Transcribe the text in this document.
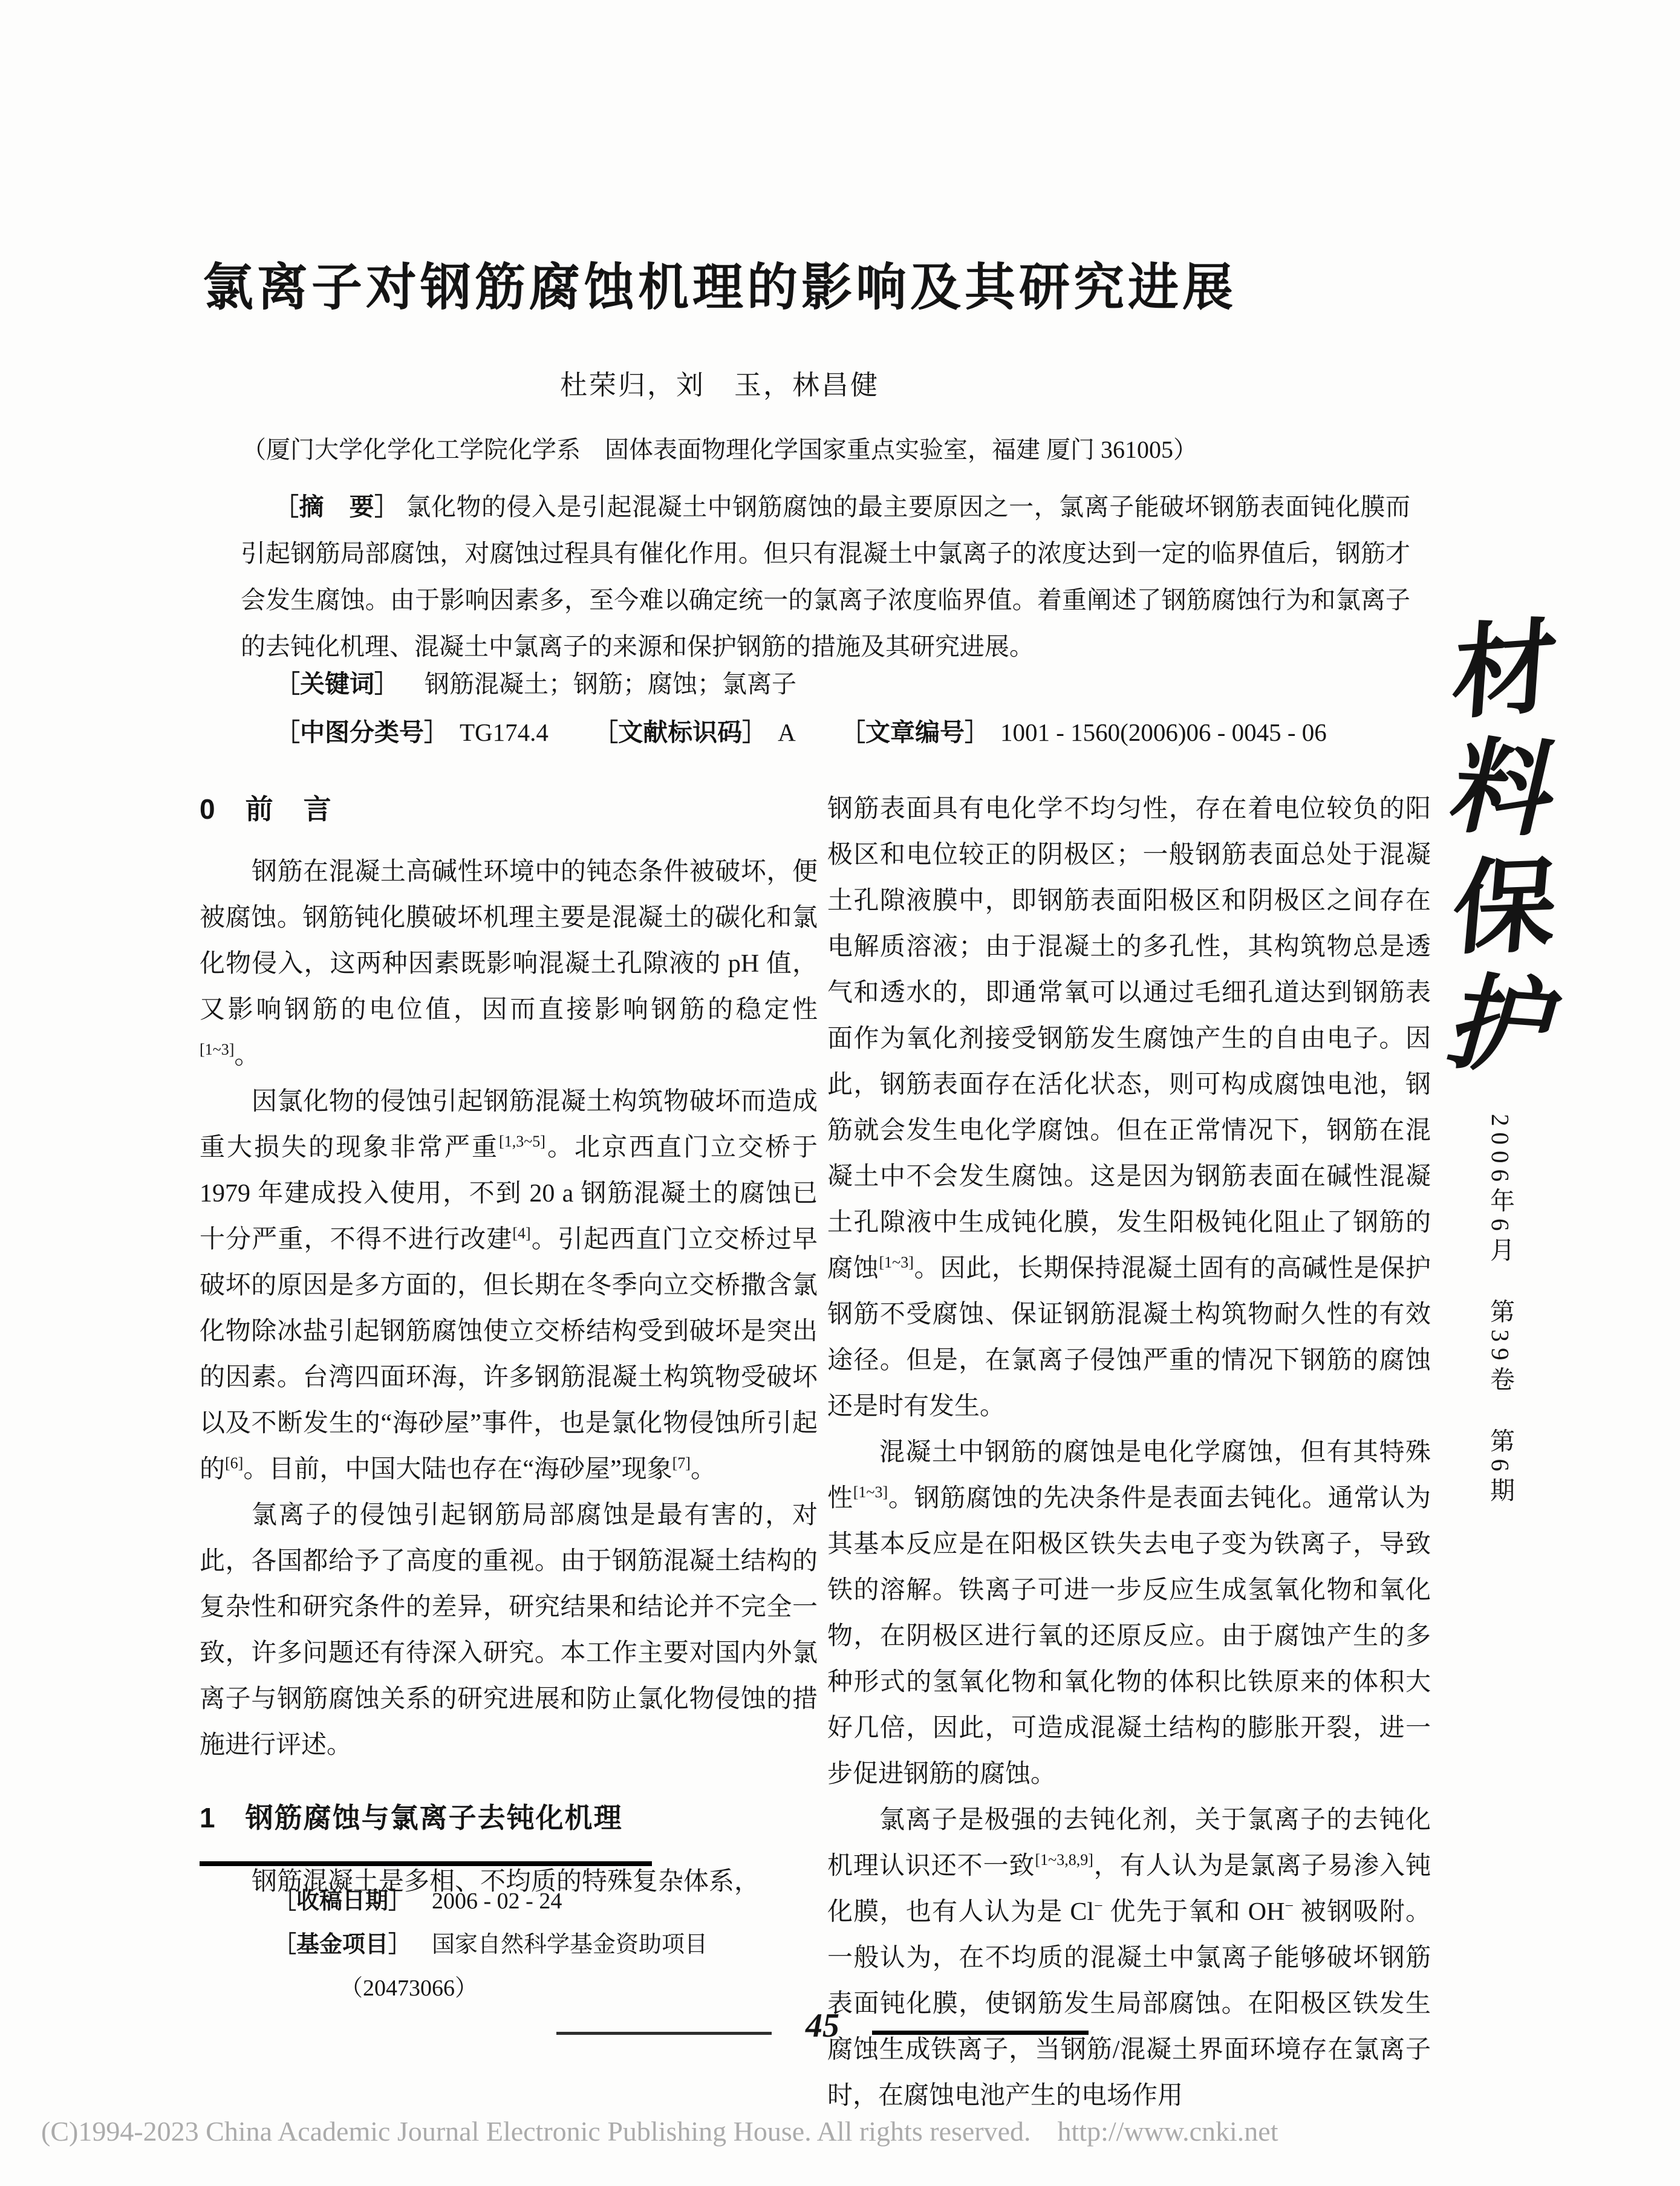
氯离子对钢筋腐蚀机理的影响及其研究进展
杜荣归，刘　玉，林昌健
（厦门大学化学化工学院化学系　固体表面物理化学国家重点实验室，福建 厦门 361005）
［摘　要］ 氯化物的侵入是引起混凝土中钢筋腐蚀的最主要原因之一，氯离子能破坏钢筋表面钝化膜而引起钢筋局部腐蚀，对腐蚀过程具有催化作用。但只有混凝土中氯离子的浓度达到一定的临界值后，钢筋才会发生腐蚀。由于影响因素多，至今难以确定统一的氯离子浓度临界值。着重阐述了钢筋腐蚀行为和氯离子的去钝化机理、混凝土中氯离子的来源和保护钢筋的措施及其研究进展。
［关键词］ 钢筋混凝土；钢筋；腐蚀；氯离子
［中图分类号］ TG174.4 ［文献标识码］ A ［文章编号］ 1001 - 1560(2006)06 - 0045 - 06
0　前　言

钢筋在混凝土高碱性环境中的钝态条件被破坏，便被腐蚀。钢筋钝化膜破坏机理主要是混凝土的碳化和氯化物侵入，这两种因素既影响混凝土孔隙液的 pH 值，又影响钢筋的电位值，因而直接影响钢筋的稳定性[1~3]。

因氯化物的侵蚀引起钢筋混凝土构筑物破坏而造成重大损失的现象非常严重[1,3~5]。北京西直门立交桥于 1979 年建成投入使用，不到 20 a 钢筋混凝土的腐蚀已十分严重，不得不进行改建[4]。引起西直门立交桥过早破坏的原因是多方面的，但长期在冬季向立交桥撒含氯化物除冰盐引起钢筋腐蚀使立交桥结构受到破坏是突出的因素。台湾四面环海，许多钢筋混凝土构筑物受破坏以及不断发生的“海砂屋”事件，也是氯化物侵蚀所引起的[6]。目前，中国大陆也存在“海砂屋”现象[7]。

氯离子的侵蚀引起钢筋局部腐蚀是最有害的，对此，各国都给予了高度的重视。由于钢筋混凝土结构的复杂性和研究条件的差异，研究结果和结论并不完全一致，许多问题还有待深入研究。本工作主要对国内外氯离子与钢筋腐蚀关系的研究进展和防止氯化物侵蚀的措施进行评述。

1　钢筋腐蚀与氯离子去钝化机理

钢筋混凝土是多相、不均质的特殊复杂体系，

钢筋表面具有电化学不均匀性，存在着电位较负的阳极区和电位较正的阴极区；一般钢筋表面总处于混凝土孔隙液膜中，即钢筋表面阳极区和阴极区之间存在电解质溶液；由于混凝土的多孔性，其构筑物总是透气和透水的，即通常氧可以通过毛细孔道达到钢筋表面作为氧化剂接受钢筋发生腐蚀产生的自由电子。因此，钢筋表面存在活化状态，则可构成腐蚀电池，钢筋就会发生电化学腐蚀。但在正常情况下，钢筋在混凝土中不会发生腐蚀。这是因为钢筋表面在碱性混凝土孔隙液中生成钝化膜，发生阳极钝化阻止了钢筋的腐蚀[1~3]。因此，长期保持混凝土固有的高碱性是保护钢筋不受腐蚀、保证钢筋混凝土构筑物耐久性的有效途径。但是，在氯离子侵蚀严重的情况下钢筋的腐蚀还是时有发生。

混凝土中钢筋的腐蚀是电化学腐蚀，但有其特殊性[1~3]。钢筋腐蚀的先决条件是表面去钝化。通常认为其基本反应是在阳极区铁失去电子变为铁离子，导致铁的溶解。铁离子可进一步反应生成氢氧化物和氧化物，在阴极区进行氧的还原反应。由于腐蚀产生的多种形式的氢氧化物和氧化物的体积比铁原来的体积大好几倍，因此，可造成混凝土结构的膨胀开裂，进一步促进钢筋的腐蚀。

氯离子是极强的去钝化剂，关于氯离子的去钝化机理认识还不一致[1~3,8,9]，有人认为是氯离子易渗入钝化膜，也有人认为是 Cl− 优先于氧和 OH− 被钢吸附。一般认为，在不均质的混凝土中氯离子能够破坏钢筋表面钝化膜，使钢筋发生局部腐蚀。在阳极区铁发生腐蚀生成铁离子，当钢筋/混凝土界面环境存在氯离子时，在腐蚀电池产生的电场作用

［收稿日期］ 2006 - 02 - 24
［基金项目］ 国家自然科学基金资助项目
（20473066）
材
料
保
护
2006年6月　第39卷　第6期
45
(C)1994-2023 China Academic Journal Electronic Publishing House. All rights reserved. http://www.cnki.net
